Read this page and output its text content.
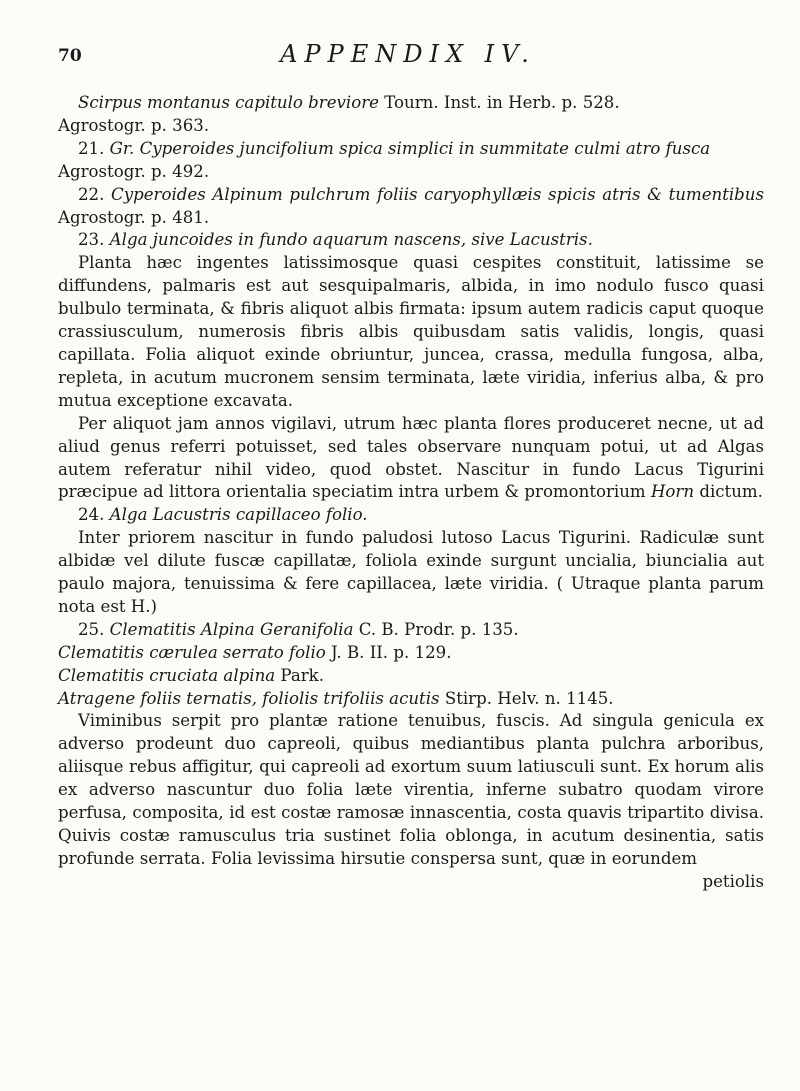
70	APPENDIX IV.

Scirpus montanus capitulo breviore Tourn. Inst. in Herb. p. 528.
Agrostogr. p. 363.

21. Gr. Cyperoides juncifolium spica simplici in summitate culmi atro fusca
Agrostogr. p. 492.

22. Cyperoides Alpinum pulchrum foliis caryophyllæis spicis atris & tumentibus Agrostogr. p. 481.

23. Alga juncoides in fundo aquarum nascens, sive Lacustris.
Planta hæc ingentes latissimosque quasi cespites constituit, latissime se diffundens, palmaris est aut sesquipalmaris, albida, in imo nodulo fusco quasi bulbulo terminata, & fibris aliquot albis firmata: ipsum autem radicis caput quoque crassiusculum, numerosis fibris albis quibusdam satis validis, longis, quasi capillata. Folia aliquot exinde obriuntur, juncea, crassa, medulla fungosa, alba, repleta, in acutum mucronem sensim terminata, læte viridia, inferius alba, & pro mutua exceptione excavata.
Per aliquot jam annos vigilavi, utrum hæc planta flores produceret necne, ut ad aliud genus referri potuisset, sed tales observare nunquam potui, ut ad Algas autem referatur nihil video, quod obstet. Nascitur in fundo Lacus Tigurini præcipue ad littora orientalia speciatim intra urbem & promontorium Horn dictum.

24. Alga Lacustris capillaceo folio.
Inter priorem nascitur in fundo paludosi lutoso Lacus Tigurini. Radiculæ sunt albidæ vel dilute fuscæ capillatæ, foliola exinde surgunt uncialia, biuncialia aut paulo majora, tenuissima & fere capillacea, læte viridia. ( Utraque planta parum nota est H.)

25. Clematitis Alpina Geranifolia C. B. Prodr. p. 135.
Clematitis cærulea serrato folio J. B. II. p. 129.
Clematitis cruciata alpina Park.
Atragene foliis ternatis, foliolis trifoliis acutis Stirp. Helv. n. 1145.
Viminibus serpit pro plantæ ratione tenuibus, fuscis. Ad singula geniculа ex adverso prodeunt duo capreoli, quibus mediantibus planta pulchra arboribus, aliisque rebus affigitur, qui capreoli ad exortum suum latiusculi sunt. Ex horum alis ex adverso nascuntur duo folia læte virentia, inferne subatro quodam virore perfusa, composita, id est costæ ramosæ innascentia, costa quavis tripartito divisa. Quivis costæ ramusculus tria sustinet folia oblonga, in acutum desinentia, satis profunde serrata. Folia levissima hirsutie conspersa sunt, quæ in eorundem

petiolis
